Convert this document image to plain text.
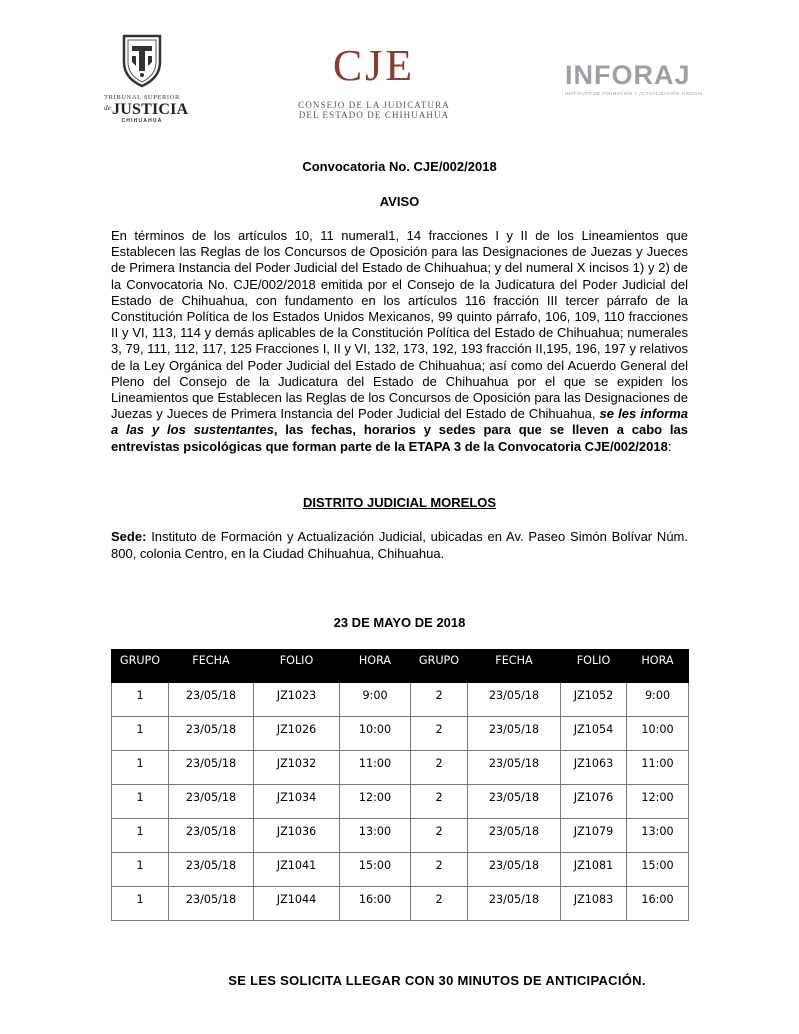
TRIBUNAL SUPERIOR
$^{de}$JUSTICIA
CHIHUAHUA
CJE
CONSEJO DE LA JUDICATURA
DEL ESTADO DE CHIHUAHUA
INFORAJ
INSTITUTO DE FORMACIÓN Y ACTUALIZACIÓN JUDICIAL
Convocatoria No. CJE/002/2018
AVISO
En términos de los artículos 10, 11 numeral1, 14 fracciones I y II de los Lineamientos que Establecen las Reglas de los Concursos de Oposición para las Designaciones de Juezas y Jueces de Primera Instancia del Poder Judicial del Estado de Chihuahua; y del numeral X incisos 1) y 2) de la Convocatoria No. CJE/002/2018 emitida por el Consejo de la Judicatura del Poder Judicial del Estado de Chihuahua, con fundamento en los artículos 116 fracción III tercer párrafo de la Constitución Política de los Estados Unidos Mexicanos, 99 quinto párrafo, 106, 109, 110 fracciones II y VI, 113, 114 y demás aplicables de la Constitución Política del Estado de Chihuahua; numerales 3, 79, 111, 112, 117, 125 Fracciones I, II y VI, 132, 173, 192, 193 fracción II,195, 196, 197 y relativos de la Ley Orgánica del Poder Judicial del Estado de Chihuahua; así como del Acuerdo General del Pleno del Consejo de la Judicatura del Estado de Chihuahua por el que se expiden los Lineamientos que Establecen las Reglas de los Concursos de Oposición para las Designaciones de Juezas y Jueces de Primera Instancia del Poder Judicial del Estado de Chihuahua, se les informa a las y los sustentantes, las fechas, horarios y sedes para que se lleven a cabo las entrevistas psicológicas que forman parte de la ETAPA 3 de la Convocatoria CJE/002/2018:
DISTRITO JUDICIAL MORELOS
Sede: Instituto de Formación y Actualización Judicial, ubicadas en Av. Paseo Simón Bolívar Núm. 800, colonia Centro, en la Ciudad Chihuahua, Chihuahua.
23 DE MAYO DE 2018
GRUPO	FECHA	FOLIO	HORA	GRUPO	FECHA	FOLIO	HORA
1	23/05/18	JZ1023	9:00	2	23/05/18	JZ1052	9:00
1	23/05/18	JZ1026	10:00	2	23/05/18	JZ1054	10:00
1	23/05/18	JZ1032	11:00	2	23/05/18	JZ1063	11:00
1	23/05/18	JZ1034	12:00	2	23/05/18	JZ1076	12:00
1	23/05/18	JZ1036	13:00	2	23/05/18	JZ1079	13:00
1	23/05/18	JZ1041	15:00	2	23/05/18	JZ1081	15:00
1	23/05/18	JZ1044	16:00	2	23/05/18	JZ1083	16:00
SE LES SOLICITA LLEGAR CON 30 MINUTOS DE ANTICIPACIÓN.
